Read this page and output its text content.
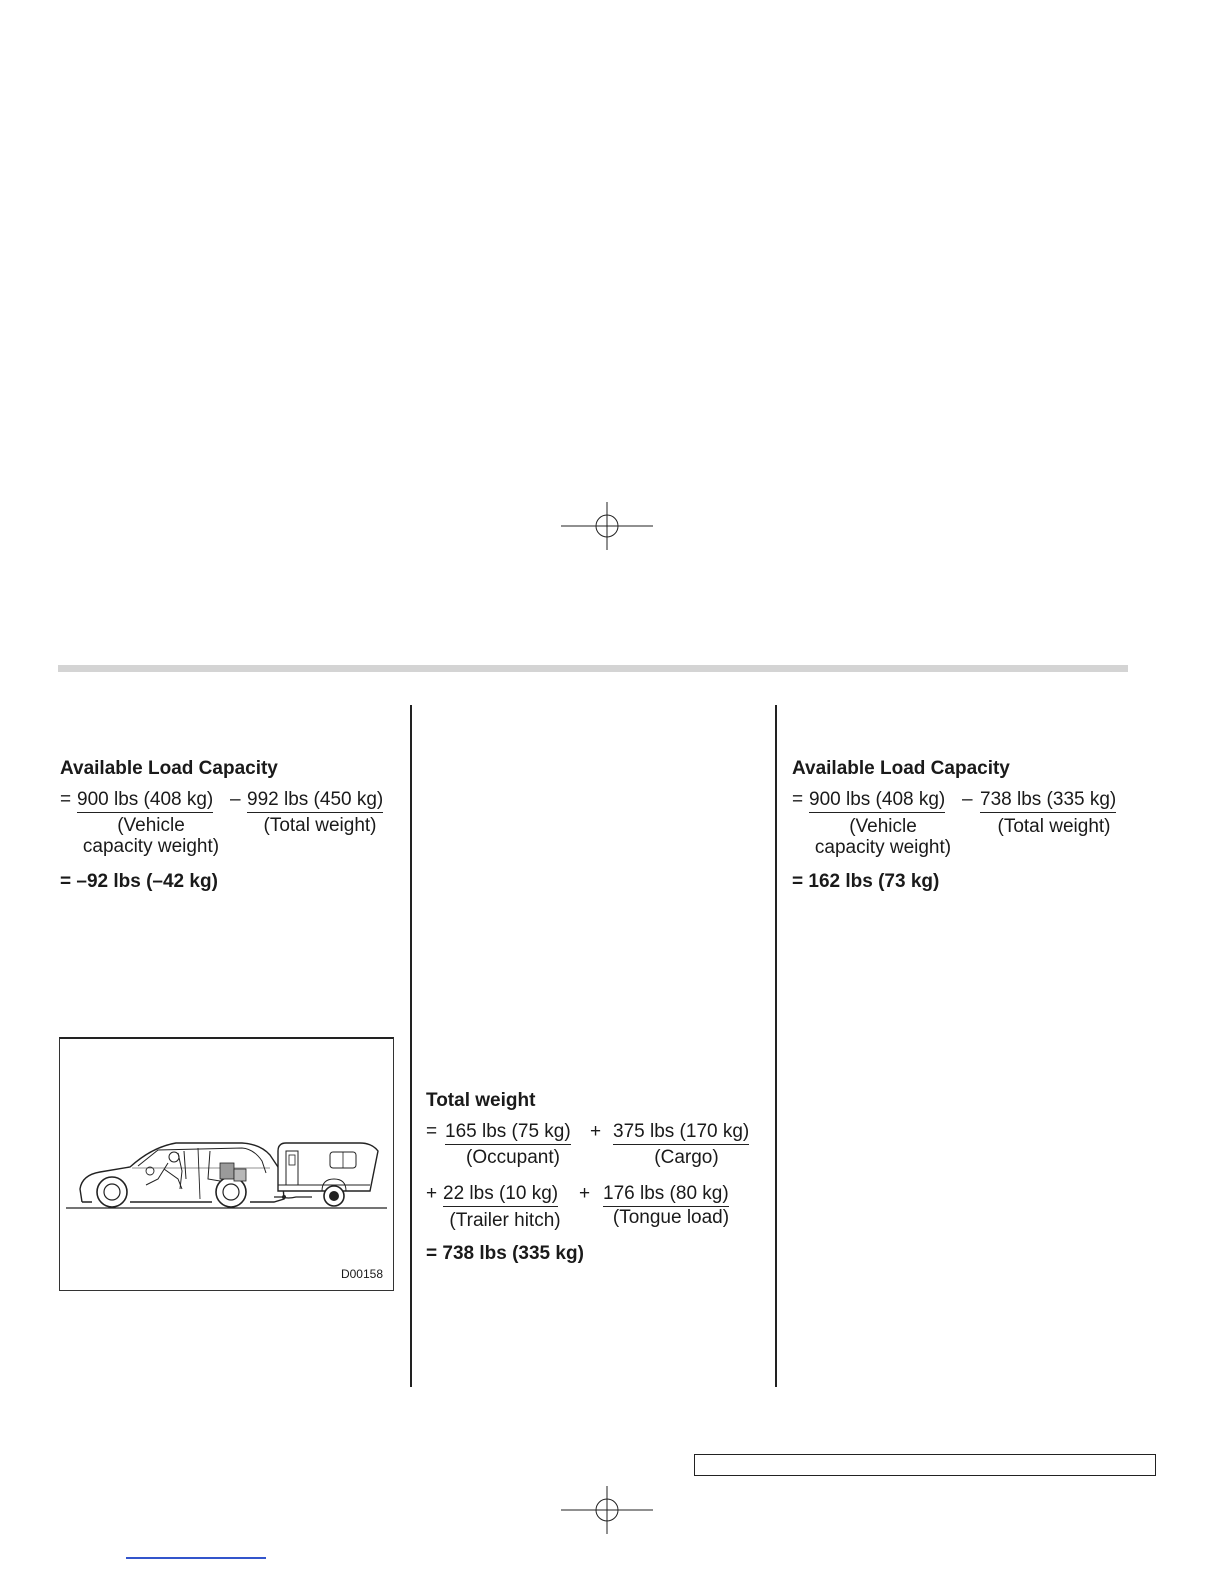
Available Load Capacity
= 900 lbs (408 kg) – 992 lbs (450 kg)
(Vehicle
capacity weight)
(Total weight)
= –92 lbs (–42 kg)
D00158
Total weight
= 165 lbs (75 kg) + 375 lbs (170 kg)
(Occupant)	(Cargo)
+ 22 lbs (10 kg) + 176 lbs (80 kg)
(Trailer hitch)	(Tongue load)
= 738 lbs (335 kg)
Available Load Capacity
= 900 lbs (408 kg) – 738 lbs (335 kg)
(Vehicle
capacity weight)
(Total weight)
= 162 lbs (73 kg)
